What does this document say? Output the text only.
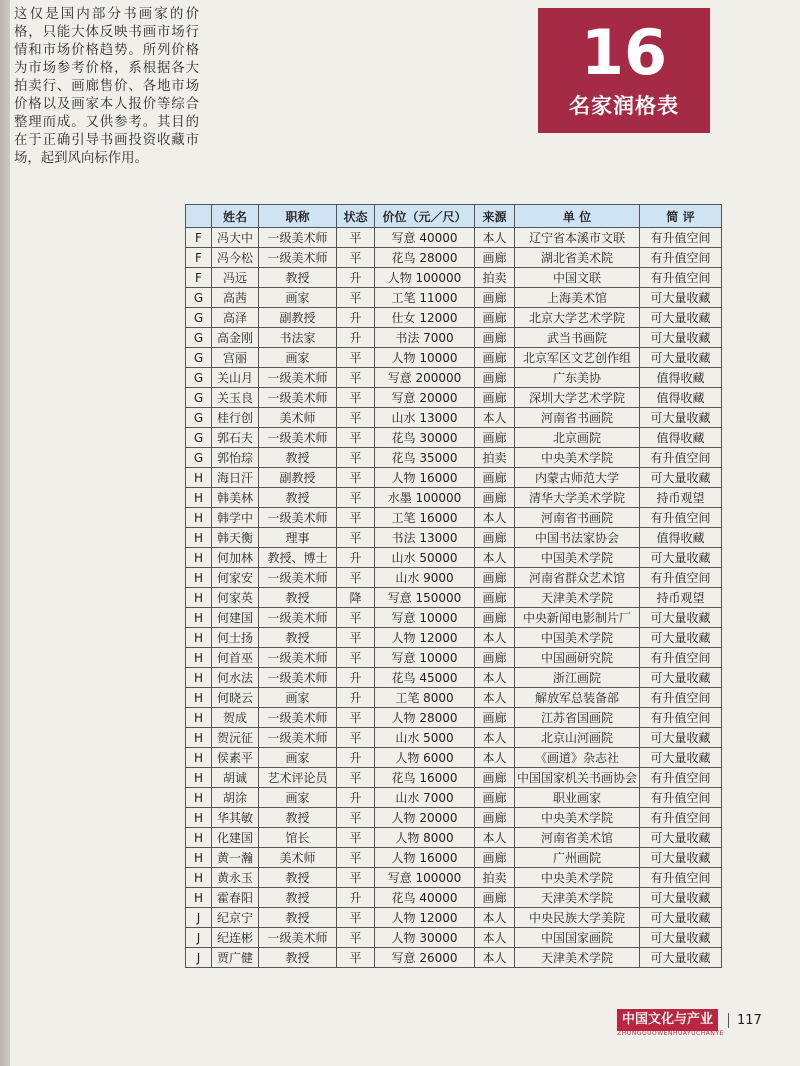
这仅是国内部分书画家的价格，只能大体反映书画市场行情和市场价格趋势。所列价格为市场参考价格，系根据各大拍卖行、画廊售价、各地市场价格以及画家本人报价等综合整理而成。又供参考。其目的在于正确引导书画投资收藏市场，起到风向标作用。
16
名家润格表
	姓名	职称	状态	价位（元／尺）	来源	单 位	简 评
F	冯大中	一级美术师	平	写意 40000	本人	辽宁省本溪市文联	有升值空间
F	冯今松	一级美术师	平	花鸟 28000	画廊	湖北省美术院	有升值空间
F	冯远	教授	升	人物 100000	拍卖	中国文联	有升值空间
G	高茜	画家	平	工笔 11000	画廊	上海美术馆	可大量收藏
G	高泽	副教授	升	仕女 12000	画廊	北京大学艺术学院	可大量收藏
G	高金刚	书法家	升	书法 7000	画廊	武当书画院	可大量收藏
G	宫丽	画家	平	人物 10000	画廊	北京军区文艺创作组	可大量收藏
G	关山月	一级美术师	平	写意 200000	画廊	广东美协	值得收藏
G	关玉良	一级美术师	平	写意 20000	画廊	深圳大学艺术学院	值得收藏
G	桂行创	美术师	平	山水 13000	本人	河南省书画院	可大量收藏
G	郭石夫	一级美术师	平	花鸟 30000	画廊	北京画院	值得收藏
G	郭怡琮	教授	平	花鸟 35000	拍卖	中央美术学院	有升值空间
H	海日汗	副教授	平	人物 16000	画廊	内蒙古师范大学	可大量收藏
H	韩美林	教授	平	水墨 100000	画廊	清华大学美术学院	持币观望
H	韩学中	一级美术师	平	工笔 16000	本人	河南省书画院	有升值空间
H	韩天衡	理事	平	书法 13000	画廊	中国书法家协会	值得收藏
H	何加林	教授、博士	升	山水 50000	本人	中国美术学院	可大量收藏
H	何家安	一级美术师	平	山水 9000	画廊	河南省群众艺术馆	有升值空间
H	何家英	教授	降	写意 150000	画廊	天津美术学院	持币观望
H	何建国	一级美术师	平	写意 10000	画廊	中央新闻电影制片厂	可大量收藏
H	何士扬	教授	平	人物 12000	本人	中国美术学院	可大量收藏
H	何首巫	一级美术师	平	写意 10000	画廊	中国画研究院	有升值空间
H	何水法	一级美术师	升	花鸟 45000	本人	浙江画院	可大量收藏
H	何晓云	画家	升	工笔 8000	本人	解放军总装备部	有升值空间
H	贺成	一级美术师	平	人物 28000	画廊	江苏省国画院	有升值空间
H	贺沅征	一级美术师	平	山水 5000	本人	北京山河画院	可大量收藏
H	侯素平	画家	升	人物 6000	本人	《画道》杂志社	可大量收藏
H	胡诚	艺术评论员	平	花鸟 16000	画廊	中国国家机关书画协会	有升值空间
H	胡涂	画家	升	山水 7000	画廊	职业画家	有升值空间
H	华其敏	教授	平	人物 20000	画廊	中央美术学院	有升值空间
H	化建国	馆长	平	人物 8000	本人	河南省美术馆	可大量收藏
H	黄一瀚	美术师	平	人物 16000	画廊	广州画院	可大量收藏
H	黄永玉	教授	平	写意 100000	拍卖	中央美术学院	有升值空间
H	霍春阳	教授	升	花鸟 40000	画廊	天津美术学院	可大量收藏
J	纪京宁	教授	平	人物 12000	本人	中央民族大学美院	可大量收藏
J	纪连彬	一级美术师	平	人物 30000	本人	中国国家画院	可大量收藏
J	贾广健	教授	平	写意 26000	本人	天津美术学院	可大量收藏
中国文化与产业
ZHONGGUOWENHUAYUCHANYE
117
